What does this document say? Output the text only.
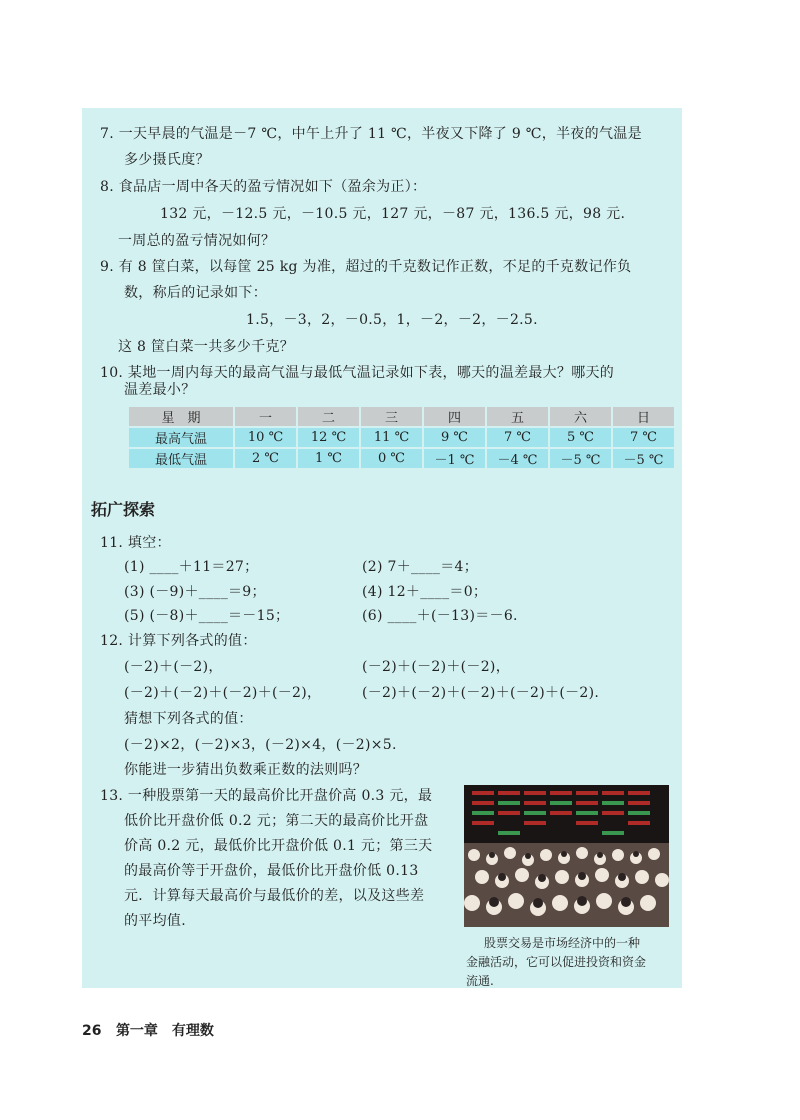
7. 一天早晨的气温是－7 ℃，中午上升了 11 ℃，半夜又下降了 9 ℃，半夜的气温是
多少摄氏度？
8. 食品店一周中各天的盈亏情况如下（盈余为正）：
132 元，－12.5 元，－10.5 元，127 元，－87 元，136.5 元，98 元.
一周总的盈亏情况如何？
9. 有 8 筐白菜，以每筐 25 kg 为准，超过的千克数记作正数，不足的千克数记作负
数，称后的记录如下：
1.5，－3，2，－0.5，1，－2，－2，－2.5.
这 8 筐白菜一共多少千克？
10. 某地一周内每天的最高气温与最低气温记录如下表，哪天的温差最大？哪天的
温差最小？
星　期	一	二	三	四	五	六	日
最高气温	10 ℃	12 ℃	11 ℃	9 ℃	7 ℃	5 ℃	7 ℃
最低气温	2 ℃	1 ℃	0 ℃	－1 ℃	－4 ℃	－5 ℃	－5 ℃
拓广探索
11. 填空：
(1) ____＋11＝27；	(2) 7＋____＝4；
(3) (－9)＋____＝9；	(4) 12＋____＝0；
(5) (－8)＋____＝－15；	(6) ____＋(－13)＝－6.
12. 计算下列各式的值：
(－2)＋(－2)，	(－2)＋(－2)＋(－2)，
(－2)＋(－2)＋(－2)＋(－2)，	(－2)＋(－2)＋(－2)＋(－2)＋(－2).
猜想下列各式的值：
(－2)×2，(－2)×3，(－2)×4，(－2)×5.
你能进一步猜出负数乘正数的法则吗？
13. 一种股票第一天的最高价比开盘价高 0.3 元，最
低价比开盘价低 0.2 元；第二天的最高价比开盘
价高 0.2 元，最低价比开盘价低 0.1 元；第三天
的最高价等于开盘价，最低价比开盘价低 0.13
元．计算每天最高价与最低价的差，以及这些差
的平均值.
股票交易是市场经济中的一种
金融活动，它可以促进投资和资金
流通.
26 第一章　有理数
